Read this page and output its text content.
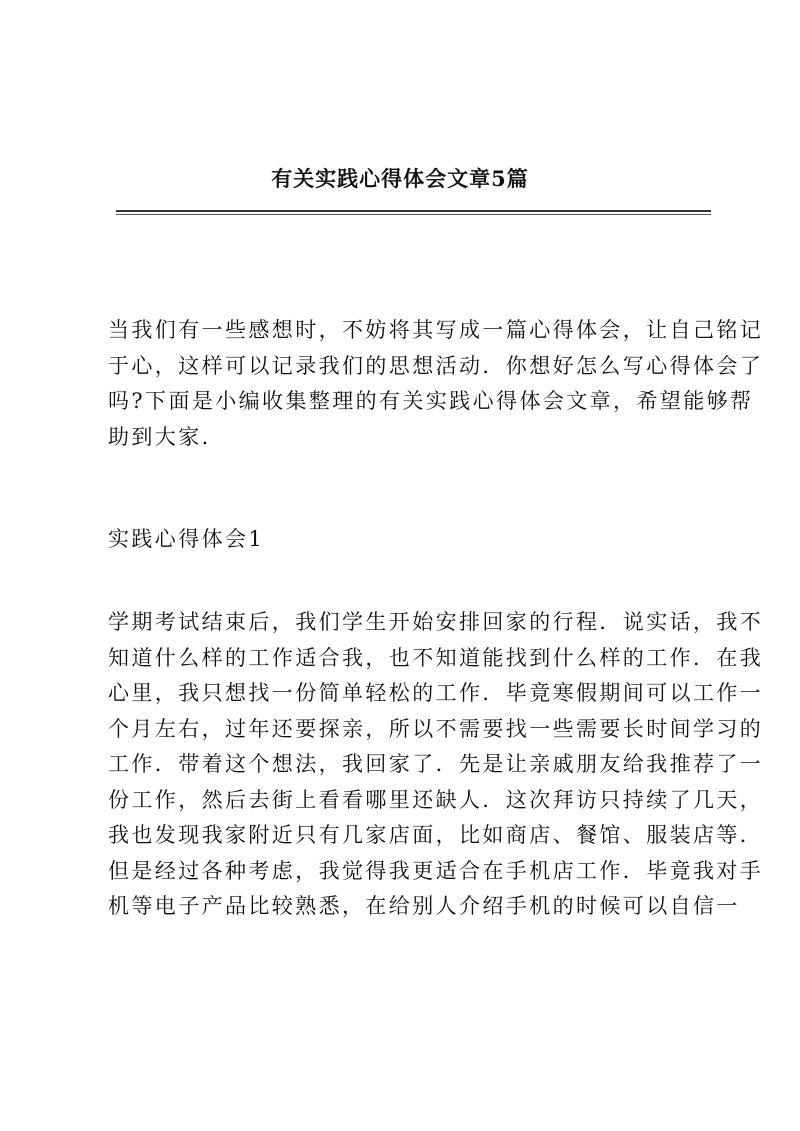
有关实践心得体会文章5篇
当我们有一些感想时，不妨将其写成一篇心得体会，让自己铭记
于心，这样可以记录我们的思想活动．你想好怎么写心得体会了
吗?下面是小编收集整理的有关实践心得体会文章，希望能够帮
助到大家．
实践心得体会1
学期考试结束后，我们学生开始安排回家的行程．说实话，我不
知道什么样的工作适合我，也不知道能找到什么样的工作．在我
心里，我只想找一份简单轻松的工作．毕竟寒假期间可以工作一
个月左右，过年还要探亲，所以不需要找一些需要长时间学习的
工作．带着这个想法，我回家了．先是让亲戚朋友给我推荐了一
份工作，然后去街上看看哪里还缺人．这次拜访只持续了几天，
我也发现我家附近只有几家店面，比如商店、餐馆、服装店等．
但是经过各种考虑，我觉得我更适合在手机店工作．毕竟我对手
机等电子产品比较熟悉，在给别人介绍手机的时候可以自信一
